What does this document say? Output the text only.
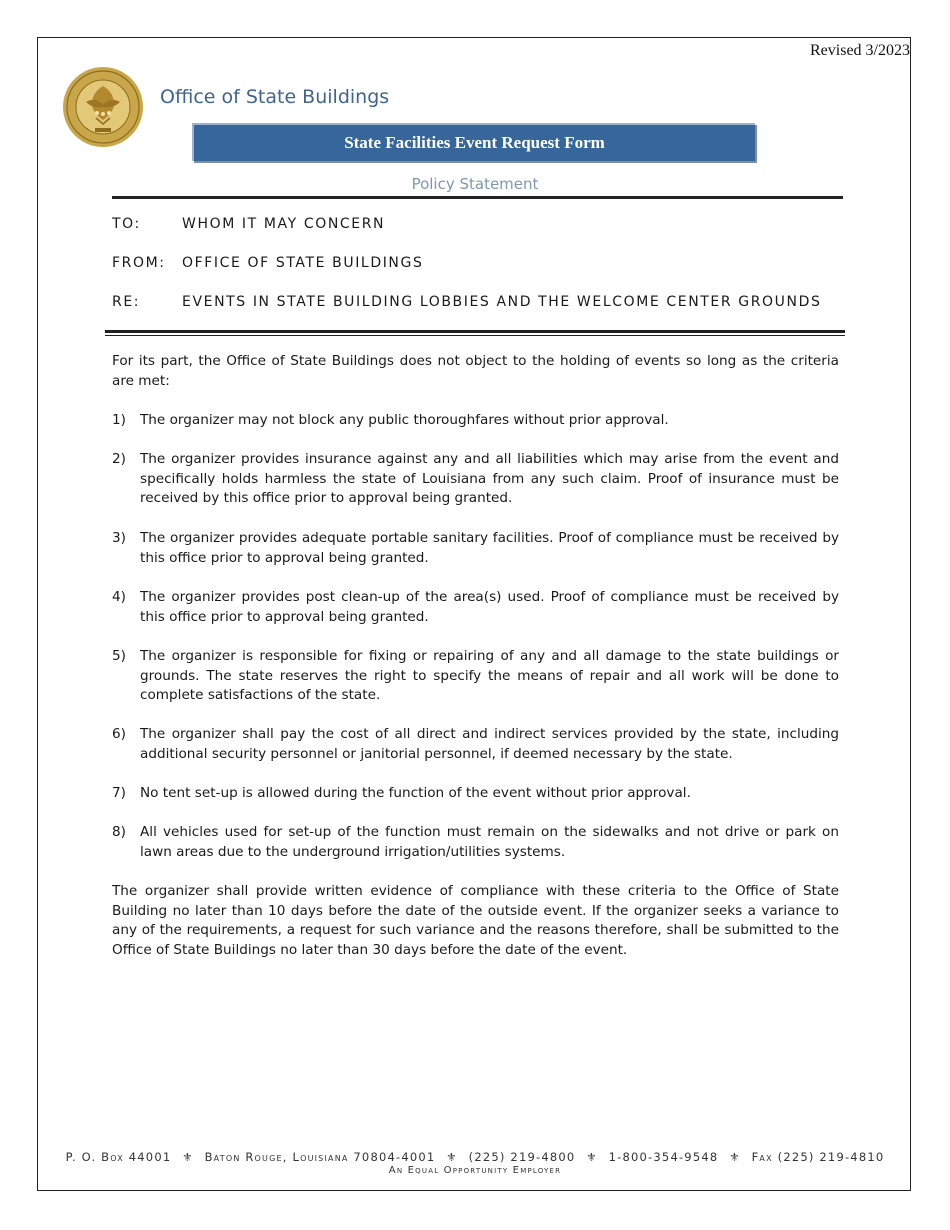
Revised 3/2023
Office of State Buildings
State Facilities Event Request Form
Policy Statement
TO:	WHOM IT MAY CONCERN
FROM: OFFICE OF STATE BUILDINGS
RE:	EVENTS IN STATE BUILDING LOBBIES AND THE WELCOME CENTER GROUNDS
For its part, the Office of State Buildings does not object to the holding of events so long as the criteria are met:
1) The organizer may not block any public thoroughfares without prior approval.
2) The organizer provides insurance against any and all liabilities which may arise from the event and specifically holds harmless the state of Louisiana from any such claim. Proof of insurance must be received by this office prior to approval being granted.
3) The organizer provides adequate portable sanitary facilities. Proof of compliance must be received by this office prior to approval being granted.
4) The organizer provides post clean-up of the area(s) used. Proof of compliance must be received by this office prior to approval being granted.
5) The organizer is responsible for fixing or repairing of any and all damage to the state buildings or grounds. The state reserves the right to specify the means of repair and all work will be done to complete satisfactions of the state.
6) The organizer shall pay the cost of all direct and indirect services provided by the state, including additional security personnel or janitorial personnel, if deemed necessary by the state.
7) No tent set-up is allowed during the function of the event without prior approval.
8) All vehicles used for set-up of the function must remain on the sidewalks and not drive or park on lawn areas due to the underground irrigation/utilities systems.
The organizer shall provide written evidence of compliance with these criteria to the Office of State Building no later than 10 days before the date of the outside event. If the organizer seeks a variance to any of the requirements, a request for such variance and the reasons therefore, shall be submitted to the Office of State Buildings no later than 30 days before the date of the event.
P. O. Box 44001 ⚜ Baton Rouge, Louisiana 70804-4001 ⚜ (225) 219-4800 ⚜ 1-800-354-9548 ⚜ Fax (225) 219-4810
An Equal Opportunity Employer
